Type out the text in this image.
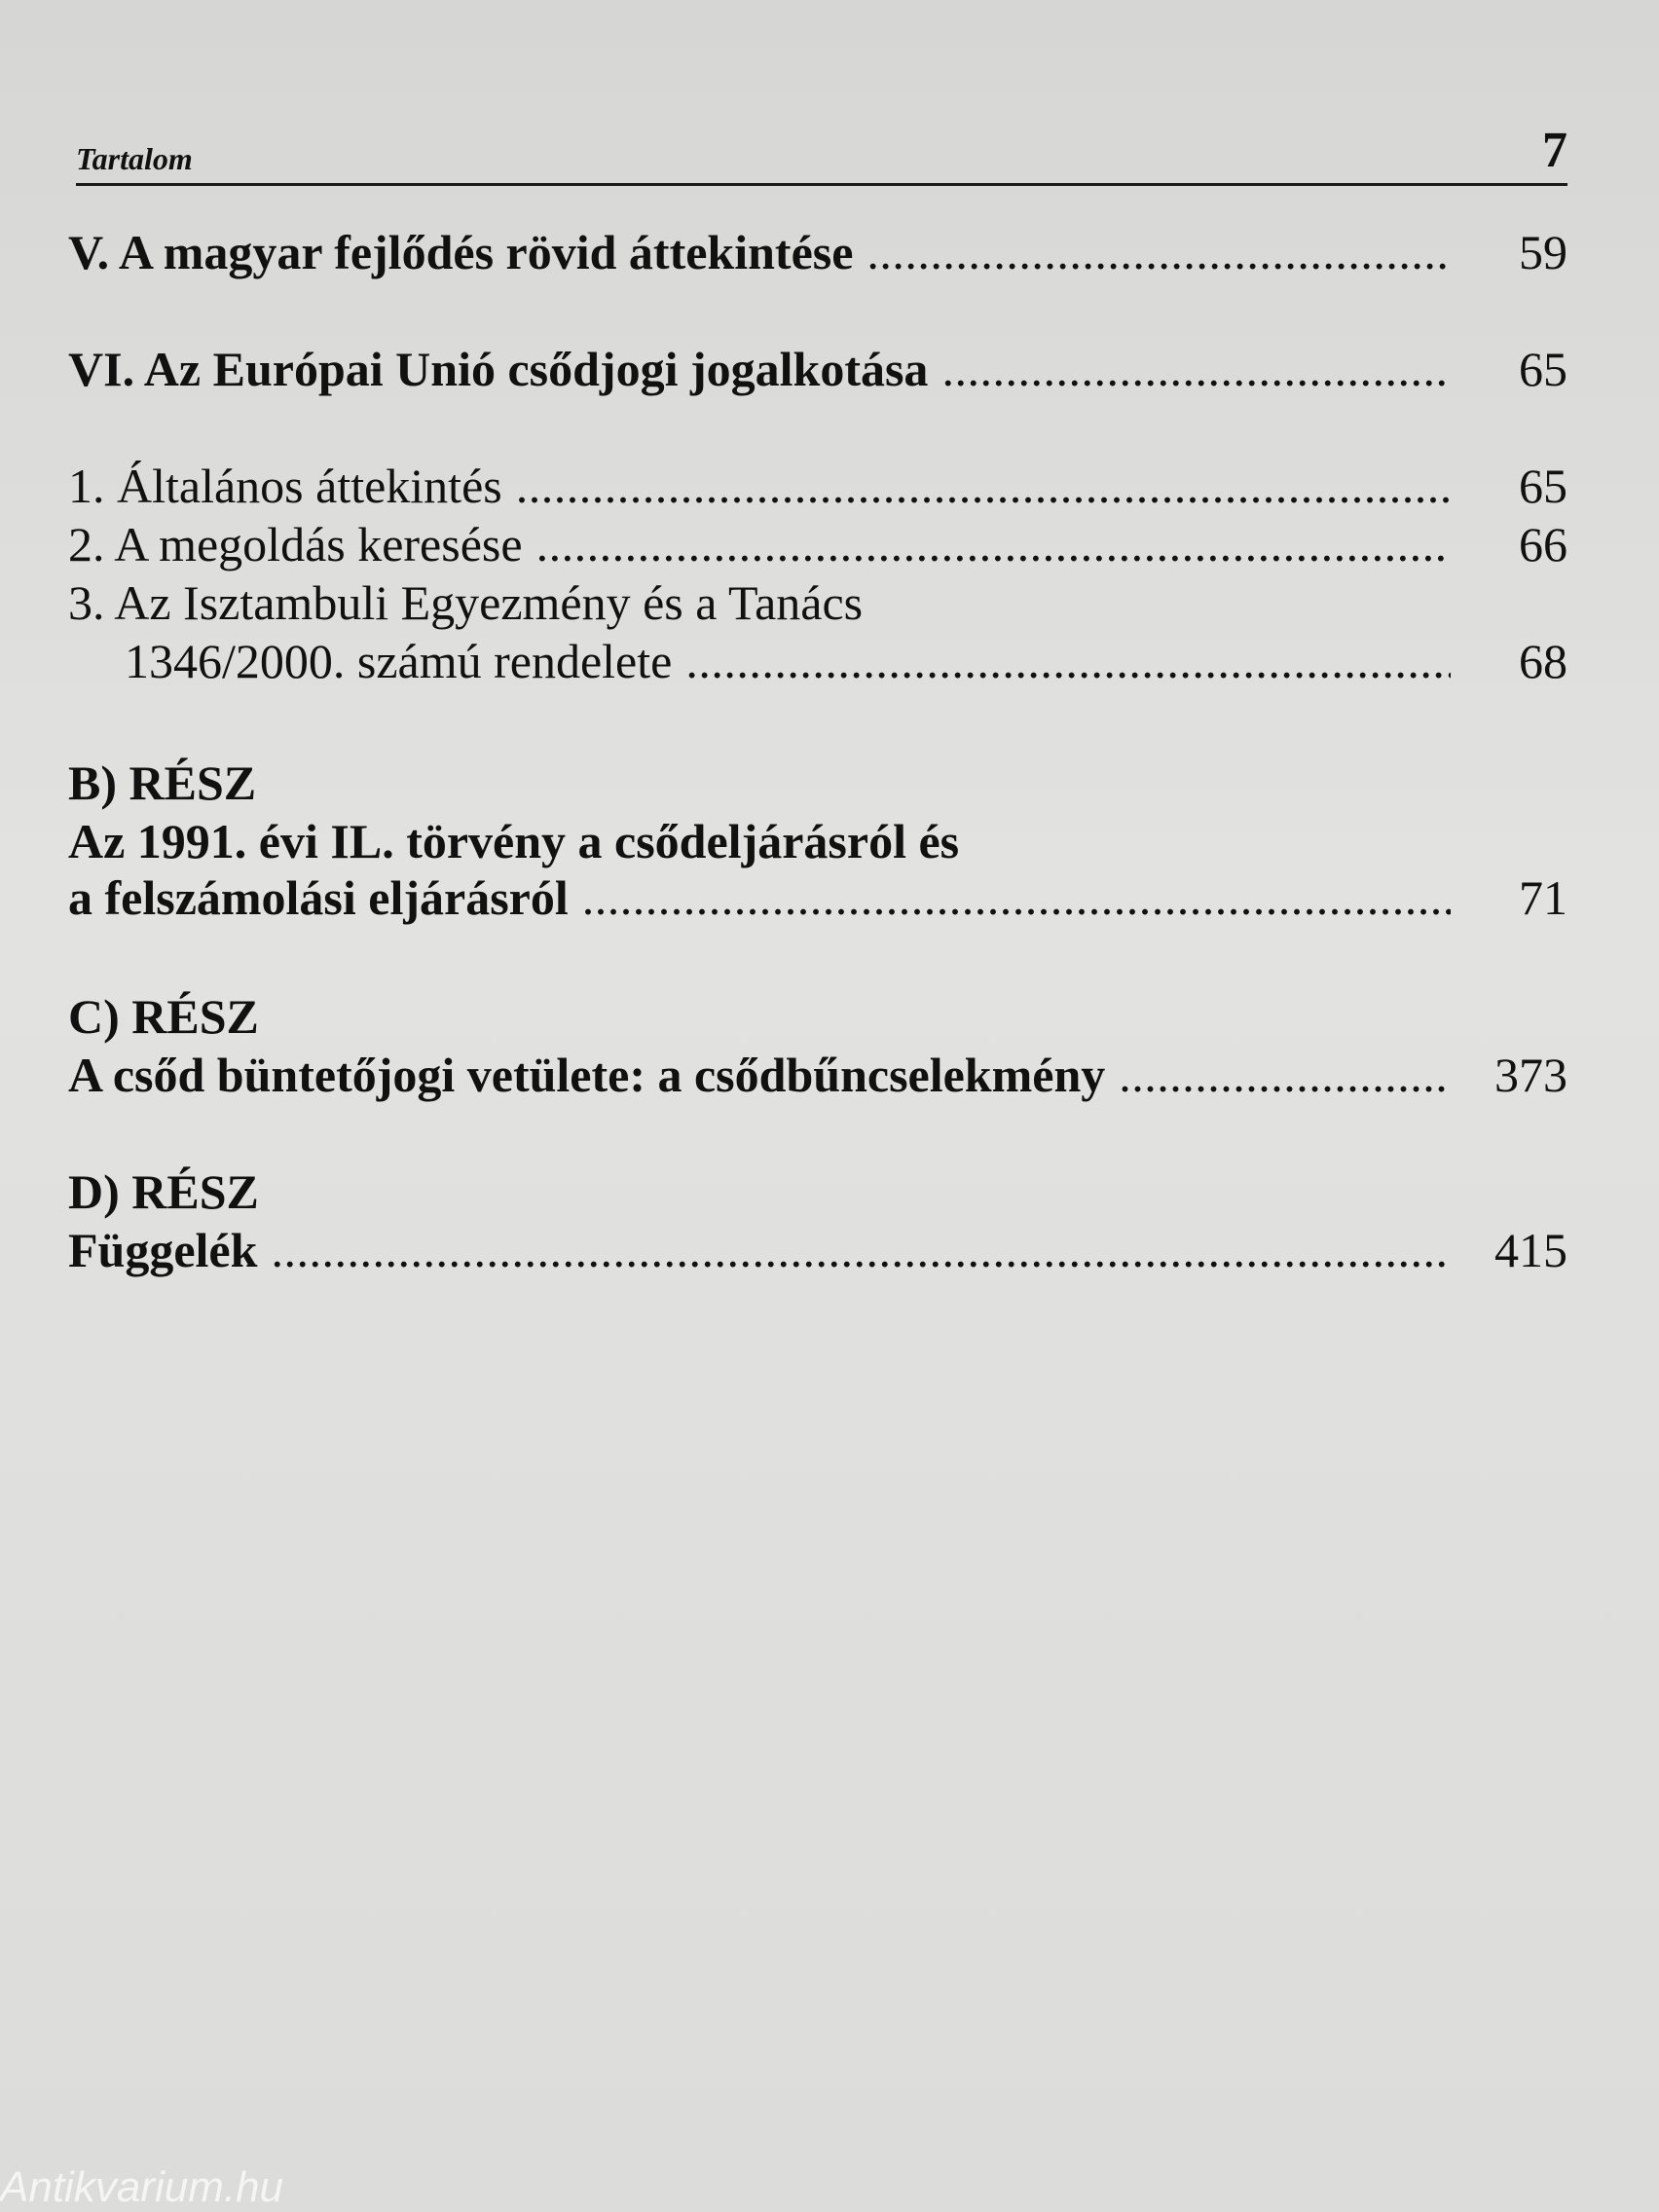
Tartalom	7
V. A magyar fejlődés rövid áttekintése .....	59
VI. Az Európai Unió csődjogi jogalkotása .....	65
1. Általános áttekintés .....	65
2. A megoldás keresése .....	66
3. Az Isztambuli Egyezmény és a Tanács
1346/2000. számú rendelete .....	68
B) RÉSZ
Az 1991. évi IL. törvény a csődeljárásról és
a felszámolási eljárásról .....	71
C) RÉSZ
A csőd büntetőjogi vetülete: a csődbűncselekmény .....	373
D) RÉSZ
Függelék .....	415
Antikvarium.hu
